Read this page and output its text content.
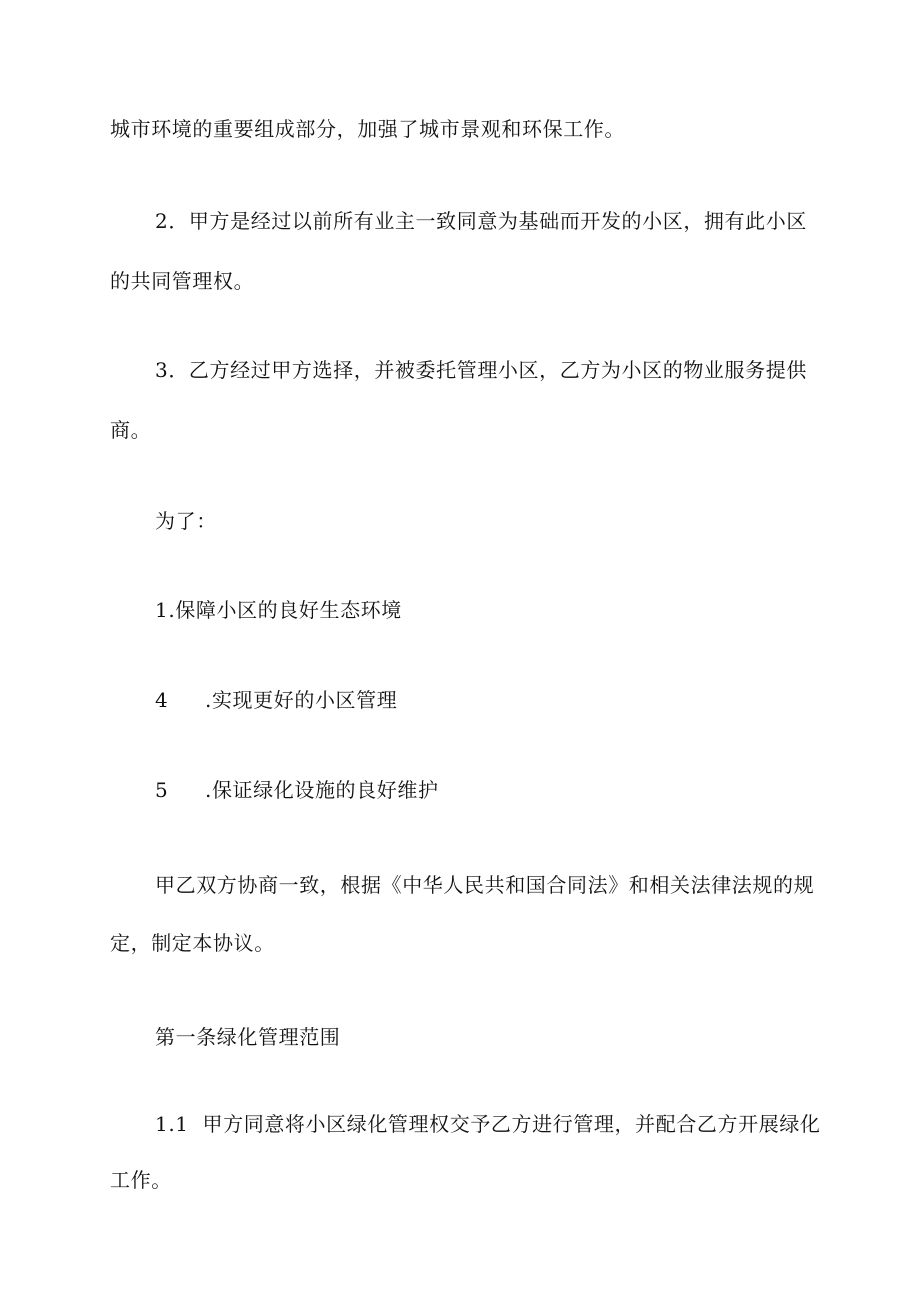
城市环境的重要组成部分，加强了城市景观和环保工作。
2．甲方是经过以前所有业主一致同意为基础而开发的小区，拥有此小区
的共同管理权。
3．乙方经过甲方选择，并被委托管理小区，乙方为小区的物业服务提供
商。
为了：
1.保障小区的良好生态环境
4 .实现更好的小区管理
5 .保证绿化设施的良好维护
甲乙双方协商一致，根据《中华人民共和国合同法》和相关法律法规的规
定，制定本协议。
第一条绿化管理范围
1.1  甲方同意将小区绿化管理权交予乙方进行管理，并配合乙方开展绿化
工作。
